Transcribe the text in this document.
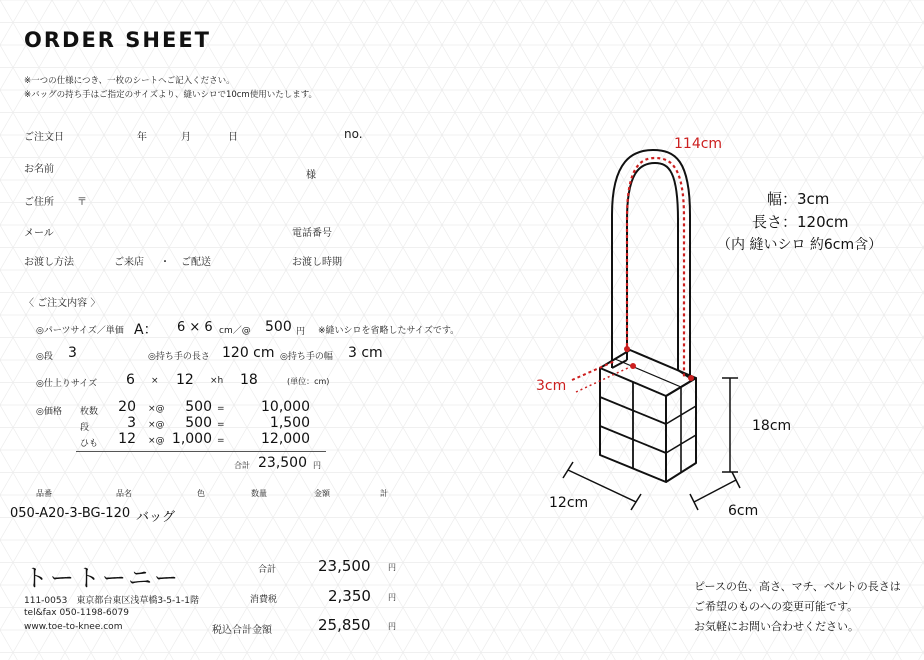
ORDER SHEET
※一つの仕様につき、一枚のシートへご記入ください。
※バッグの持ち手はご指定のサイズより、縫いシロで10cm使用いたします。
ご注文日	年	月	日	no.
お名前
様
ご住所 〒
メール	電話番号
お渡し方法	ご来店 ・ ご配送	お渡し時期
〈 ご注文内容 〉
◎パーツサイズ／単価 A： 6 × 6 cm／@ 500 円 ※縫いシロを省略したサイズです。
◎段 3	◎持ち手の長さ 120 cm ◎持ち手の幅 3 cm
◎仕上りサイズ 6 × 12 ×h 18	(単位：cm)
◎価格 枚数	20 ×@	500 =	10,000
段	3 ×@	500 =	1,500
ひも	12 ×@ 1,000 =	12,000
合計 23,500 円
品番	品名	色	数量	金額	計
050-A20-3-BG-120 バッグ
トートーニー
111-0053　東京都台東区浅草橋3-5-1-1階
tel&fax 050-1198-6079
www.toe-to-knee.com
合計	23,500 円
消費税	2,350 円
税込合計金額	25,850 円
114cm
3cm
幅：3cm
長さ：120cm
（内 縫いシロ 約6cm含）
18cm
12cm	6cm
ピースの色、高さ、マチ、ベルトの長さは
ご希望のものへの変更可能です。
お気軽にお問い合わせください。
